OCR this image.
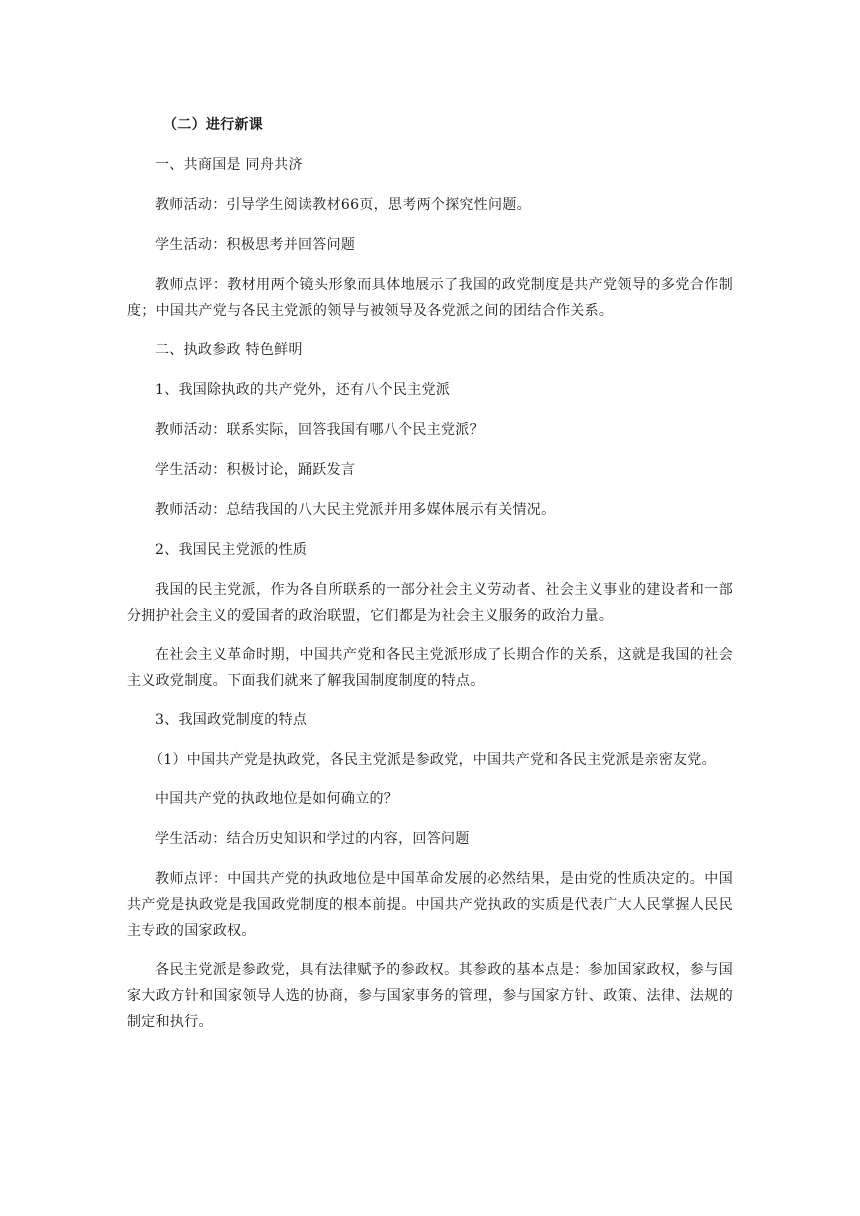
（二）进行新课

一、共商国是 同舟共济

教师活动：引导学生阅读教材66页，思考两个探究性问题。

学生活动：积极思考并回答问题

教师点评：教材用两个镜头形象而具体地展示了我国的政党制度是共产党领导的多党合作制度；中国共产党与各民主党派的领导与被领导及各党派之间的团结合作关系。

二、执政参政 特色鲜明

1、我国除执政的共产党外，还有八个民主党派

教师活动：联系实际，回答我国有哪八个民主党派？

学生活动：积极讨论，踊跃发言

教师活动：总结我国的八大民主党派并用多媒体展示有关情况。

2、我国民主党派的性质

我国的民主党派，作为各自所联系的一部分社会主义劳动者、社会主义事业的建设者和一部分拥护社会主义的爱国者的政治联盟，它们都是为社会主义服务的政治力量。

在社会主义革命时期，中国共产党和各民主党派形成了长期合作的关系，这就是我国的社会主义政党制度。下面我们就来了解我国制度制度的特点。

3、我国政党制度的特点

（1）中国共产党是执政党，各民主党派是参政党，中国共产党和各民主党派是亲密友党。

中国共产党的执政地位是如何确立的？

学生活动：结合历史知识和学过的内容，回答问题

教师点评：中国共产党的执政地位是中国革命发展的必然结果，是由党的性质决定的。中国共产党是执政党是我国政党制度的根本前提。中国共产党执政的实质是代表广大人民掌握人民民主专政的国家政权。

各民主党派是参政党，具有法律赋予的参政权。其参政的基本点是：参加国家政权，参与国家大政方针和国家领导人选的协商，参与国家事务的管理，参与国家方针、政策、法律、法规的制定和执行。
